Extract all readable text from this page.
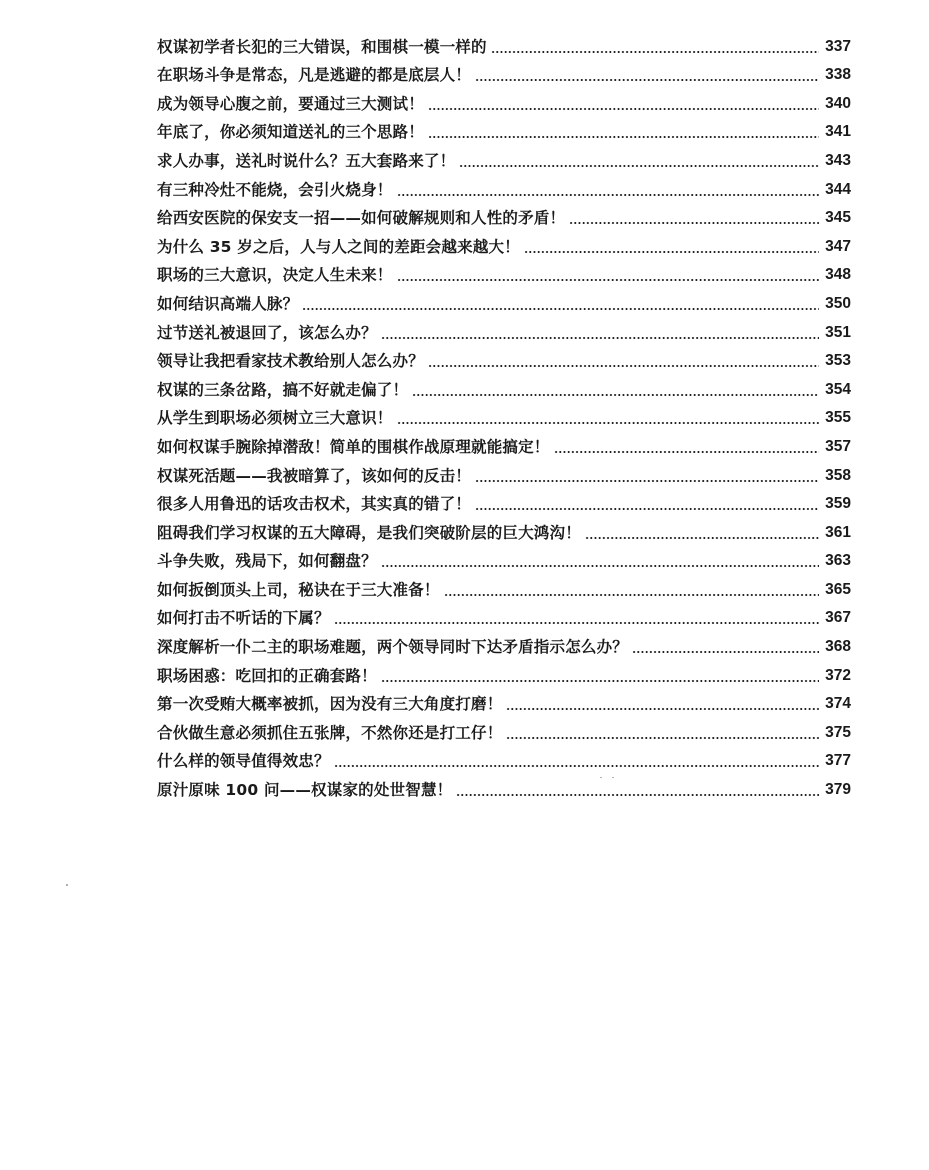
权谋初学者长犯的三大错误，和围棋一模一样的	337
在职场斗争是常态，凡是逃避的都是底层人！	338
成为领导心腹之前，要通过三大测试！	340
年底了，你必须知道送礼的三个思路！	341
求人办事，送礼时说什么？五大套路来了！	343
有三种冷灶不能烧，会引火烧身！	344
给西安医院的保安支一招——如何破解规则和人性的矛盾！	345
为什么 35 岁之后，人与人之间的差距会越来越大！	347
职场的三大意识，决定人生未来！	348
如何结识高端人脉？	350
过节送礼被退回了，该怎么办？	351
领导让我把看家技术教给别人怎么办？	353
权谋的三条岔路，搞不好就走偏了！	354
从学生到职场必须树立三大意识！	355
如何权谋手腕除掉潜敌！简单的围棋作战原理就能搞定！	357
权谋死活题——我被暗算了，该如何的反击！	358
很多人用鲁迅的话攻击权术，其实真的错了！	359
阻碍我们学习权谋的五大障碍，是我们突破阶层的巨大鸿沟！	361
斗争失败，残局下，如何翻盘？	363
如何扳倒顶头上司，秘诀在于三大准备！	365
如何打击不听话的下属？	367
深度解析一仆二主的职场难题，两个领导同时下达矛盾指示怎么办？	368
职场困惑：吃回扣的正确套路！	372
第一次受贿大概率被抓，因为没有三大角度打磨！	374
合伙做生意必须抓住五张牌，不然你还是打工仔！	375
什么样的领导值得效忠？	377
原汁原味 100 问——权谋家的处世智慧！	379
